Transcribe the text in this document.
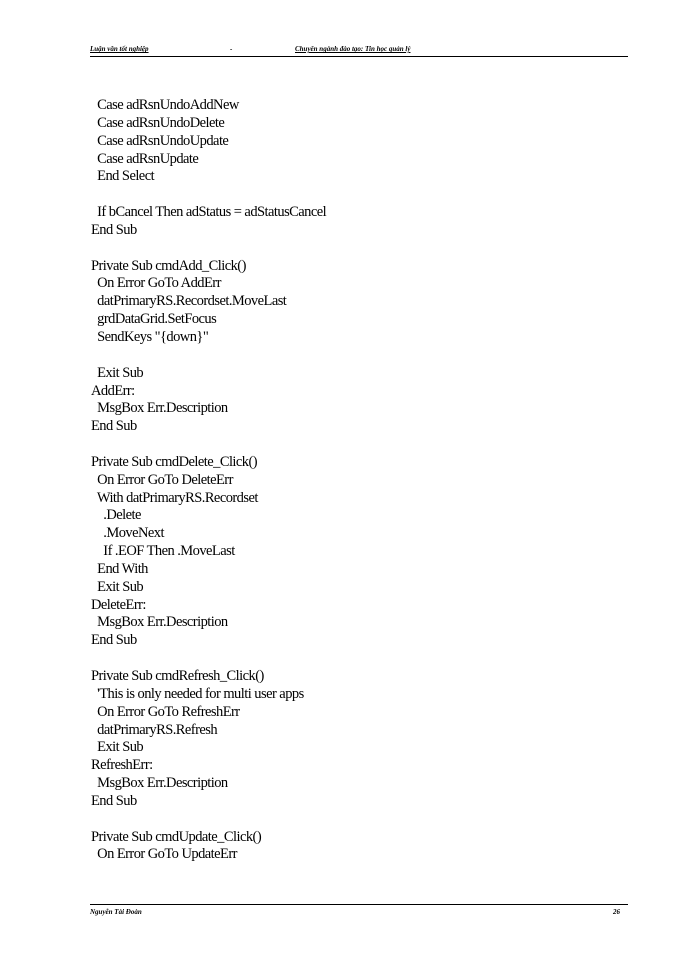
Luận văn tốt nghiệp	-	Chuyên ngành đào tạo: Tin học quản lý
Case adRsnUndoAddNew
Case adRsnUndoDelete
Case adRsnUndoUpdate
Case adRsnUpdate
End Select
If bCancel Then adStatus = adStatusCancel
End Sub
Private Sub cmdAdd_Click()
On Error GoTo AddErr
datPrimaryRS.Recordset.MoveLast
grdDataGrid.SetFocus
SendKeys "{down}"
Exit Sub
AddErr:
MsgBox Err.Description
End Sub
Private Sub cmdDelete_Click()
On Error GoTo DeleteErr
With datPrimaryRS.Recordset
.Delete
.MoveNext
If .EOF Then .MoveLast
End With
Exit Sub
DeleteErr:
MsgBox Err.Description
End Sub
Private Sub cmdRefresh_Click()
'This is only needed for multi user apps
On Error GoTo RefreshErr
datPrimaryRS.Refresh
Exit Sub
RefreshErr:
MsgBox Err.Description
End Sub
Private Sub cmdUpdate_Click()
On Error GoTo UpdateErr
Nguyễn Tài Đoàn	26
